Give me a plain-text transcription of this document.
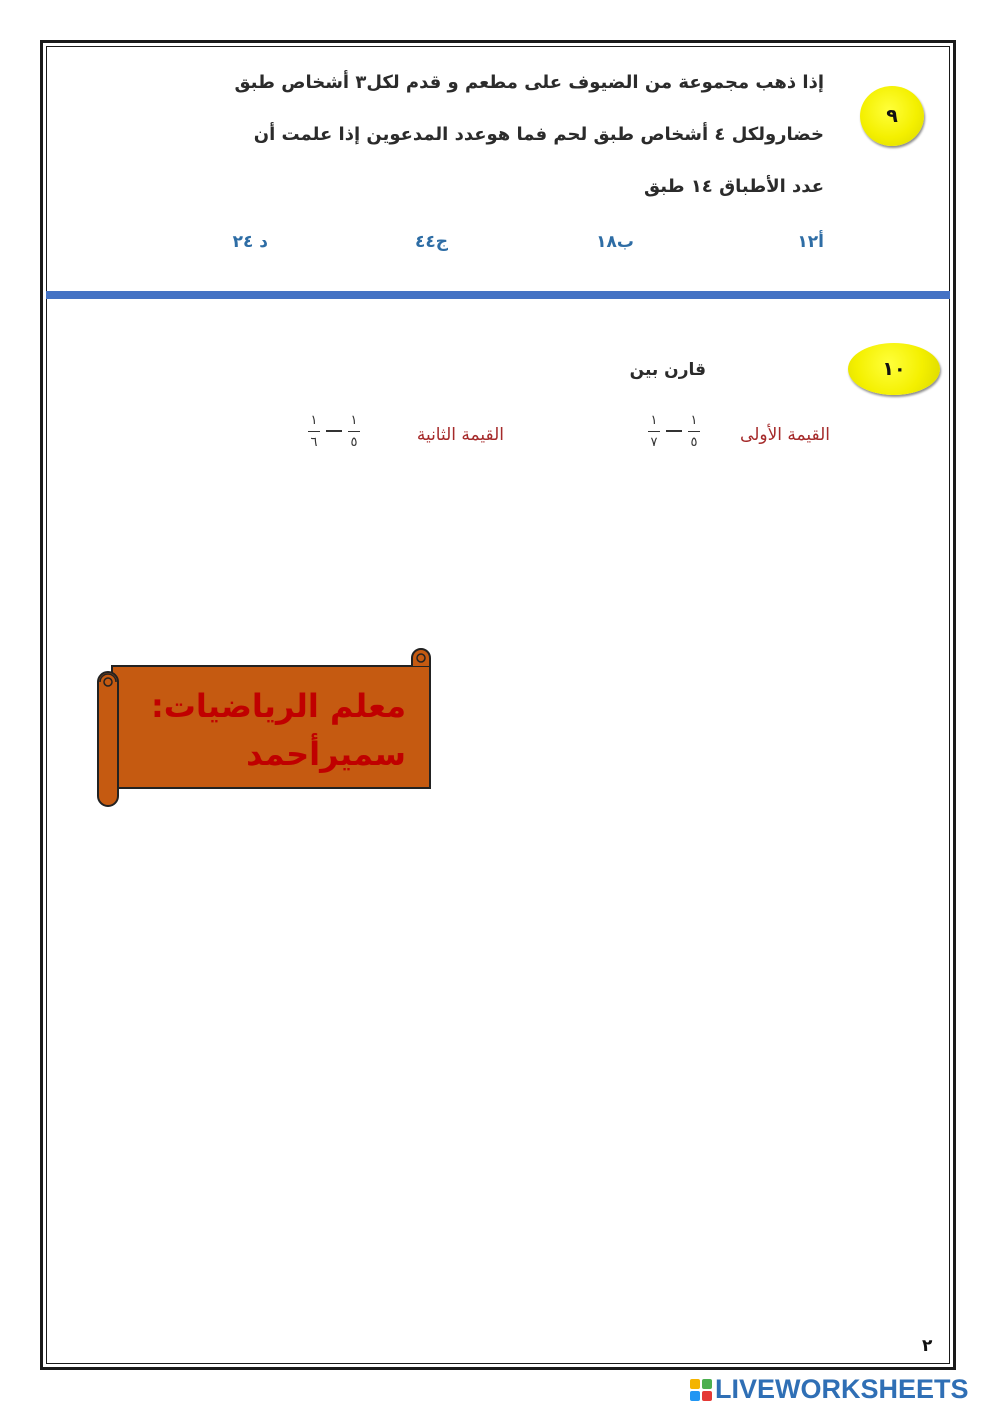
٩
إذا ذهب مجموعة من الضيوف على مطعم و قدم لكل٣ أشخاص طبق
خضارولكل ٤ أشخاص طبق لحم فما هوعدد المدعوين إذا علمت أن
عدد الأطباق ١٤ طبق
أ١٢
ب١٨
ج٤٤
د ٢٤
١٠
قارن بين
القيمة الأولى
$\frac{١}{٧} \frac{١}{٥}$
القيمة الثانية
$\frac{١}{٦} \frac{١}{٥}$
معلم الرياضيات:
سميرأحمد
٢
LIVEWORKSHEETS
